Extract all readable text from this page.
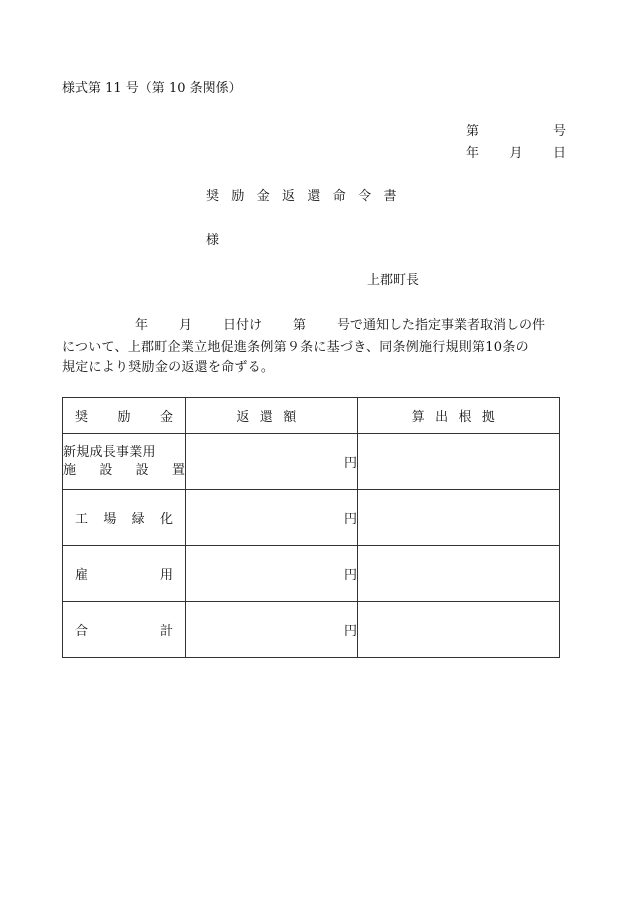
様式第 11 号（第 10 条関係）
第	号
年 月 日
奨励金返還命令書
様
上郡町長
年	月	日付け	第	号で通知した指定事業者取消しの件
について、上郡町企業立地促進条例第９条に基づき、同条例施行規則第10条の
規定により奨励金の返還を命ずる。
奨 励 金	返還額	算出根拠

新規成長事業用
施 設 設 置	円	

工 場 緑 化	円	

雇 用	円	

合 計	円	
